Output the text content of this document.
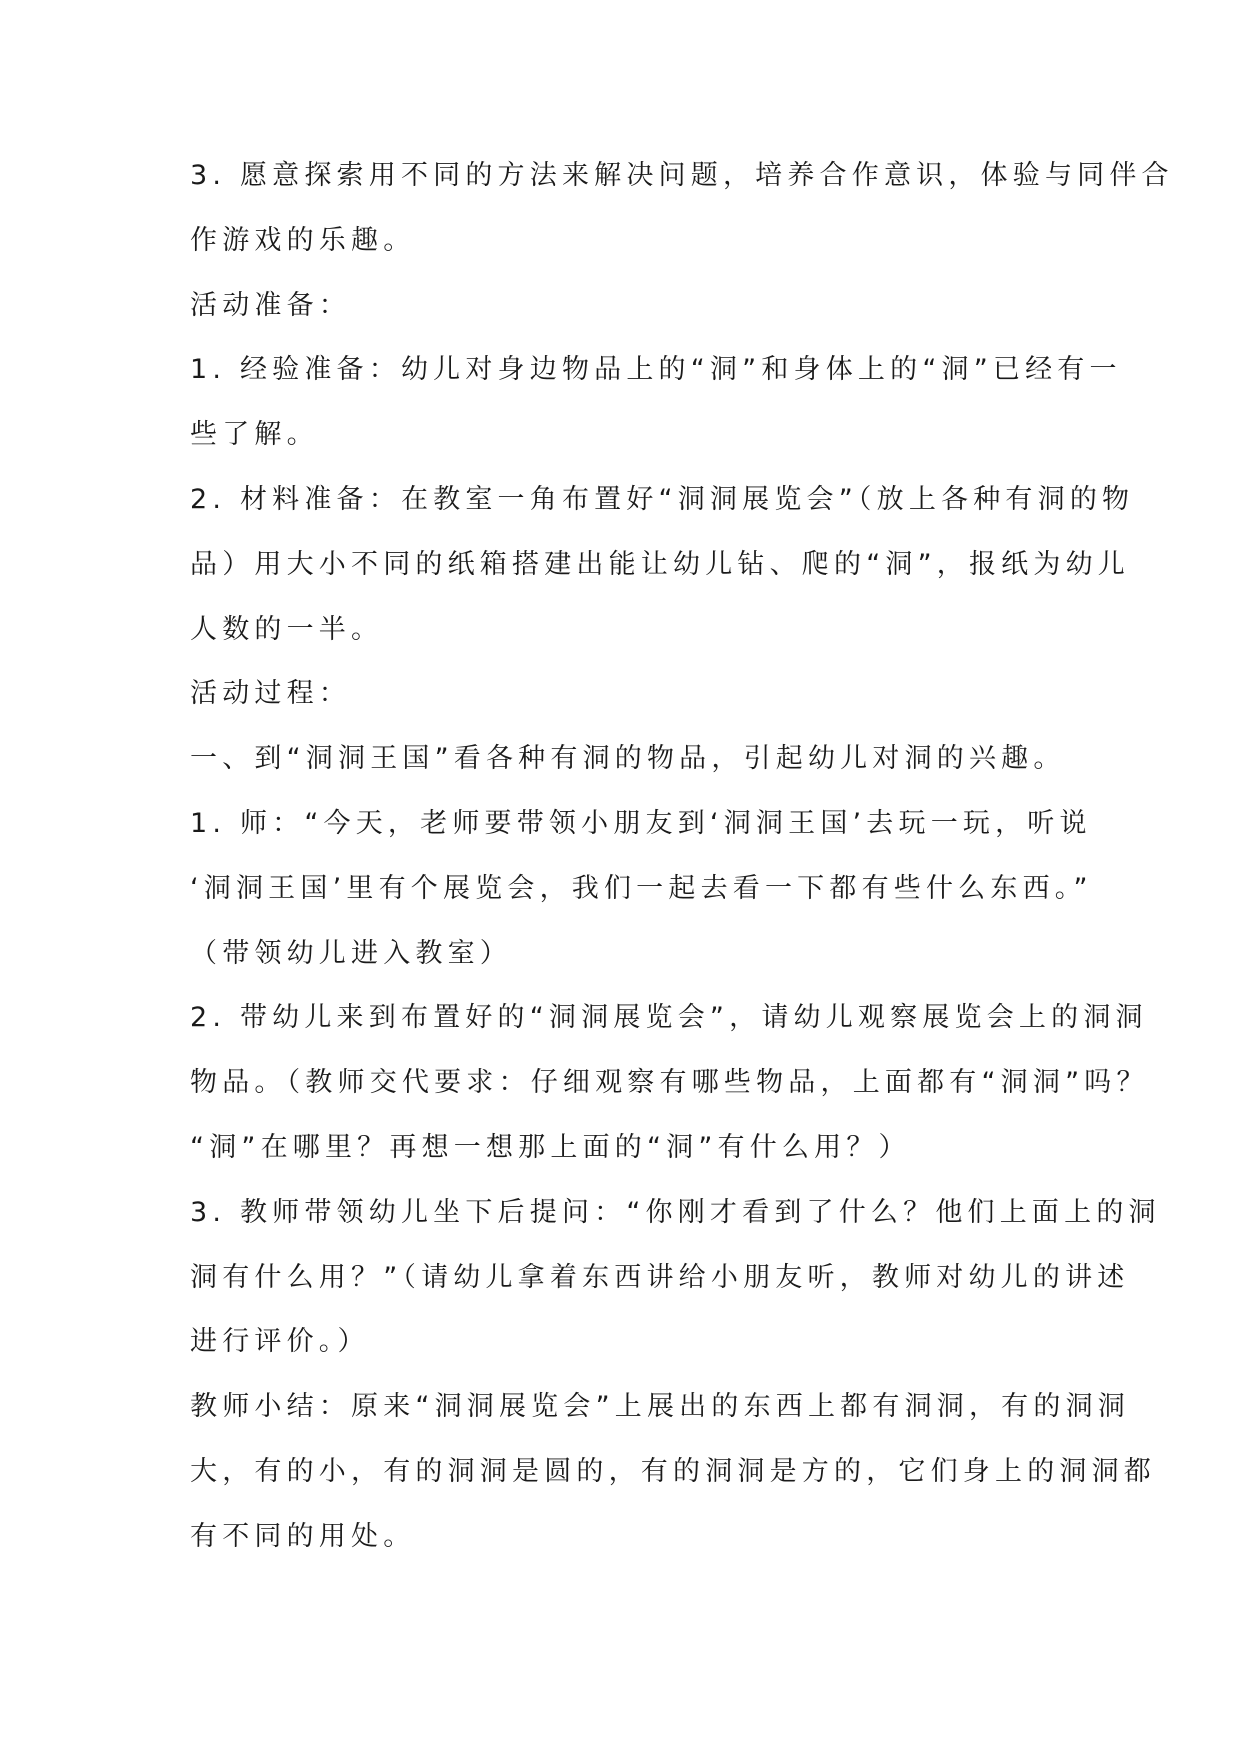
3. 愿意探索用不同的方法来解决问题，培养合作意识，体验与同伴合
作游戏的乐趣。
活动准备：
1. 经验准备：幼儿对身边物品上的“洞”和身体上的“洞”已经有一
些了解。
2. 材料准备：在教室一角布置好“洞洞展览会”（放上各种有洞的物
品）用大小不同的纸箱搭建出能让幼儿钻、爬的“洞”，报纸为幼儿
人数的一半。
活动过程：
一、到“洞洞王国”看各种有洞的物品，引起幼儿对洞的兴趣。
1. 师：“今天，老师要带领小朋友到‘洞洞王国’去玩一玩，听说
‘洞洞王国’里有个展览会，我们一起去看一下都有些什么东西。”
（带领幼儿进入教室）
2. 带幼儿来到布置好的“洞洞展览会”，请幼儿观察展览会上的洞洞
物品。（教师交代要求：仔细观察有哪些物品，上面都有“洞洞”吗？
“洞”在哪里？再想一想那上面的“洞”有什么用？）
3. 教师带领幼儿坐下后提问：“你刚才看到了什么？他们上面上的洞
洞有什么用？”（请幼儿拿着东西讲给小朋友听，教师对幼儿的讲述
进行评价。）
教师小结：原来“洞洞展览会”上展出的东西上都有洞洞，有的洞洞
大，有的小，有的洞洞是圆的，有的洞洞是方的，它们身上的洞洞都
有不同的用处。
